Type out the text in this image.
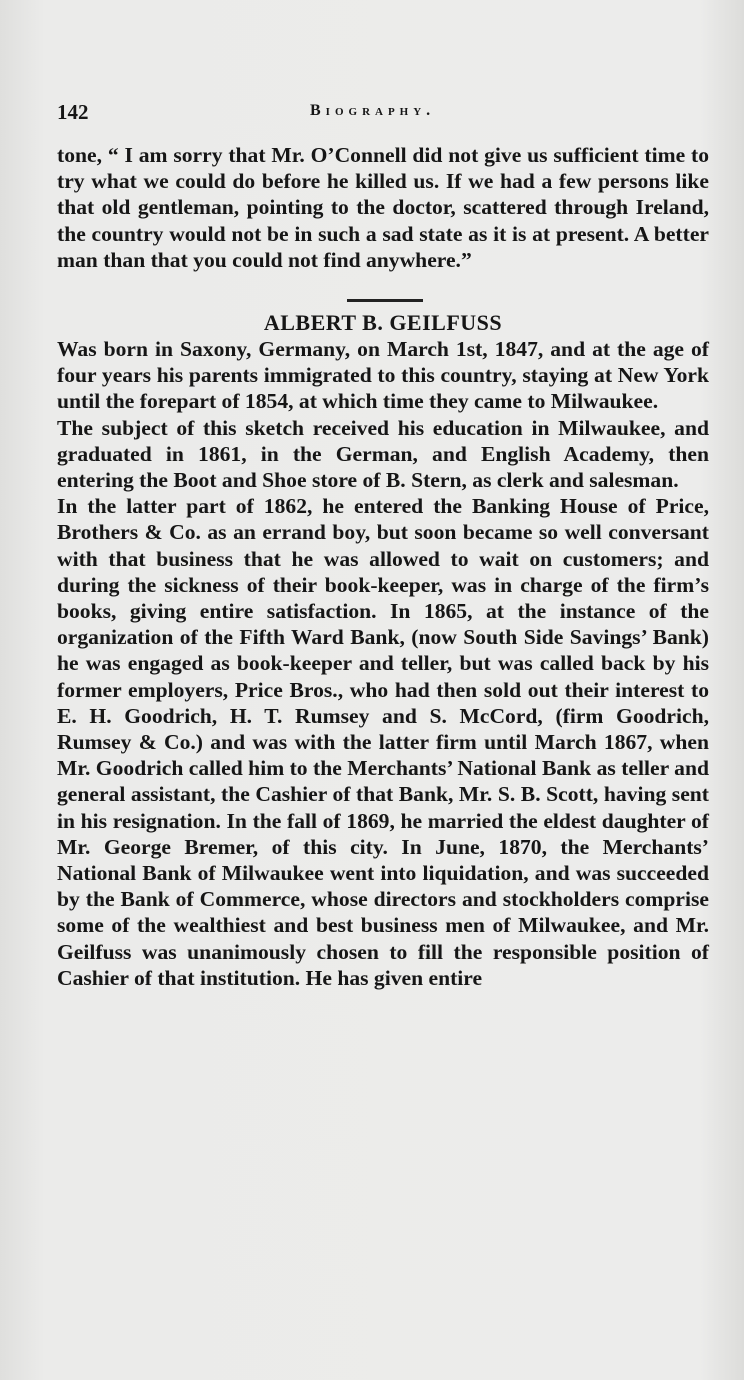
142	Biography.

tone, “ I am sorry that Mr. O’Connell did not give us sufficient time to try what we could do before he killed us. If we had a few persons like that old gentleman, pointing to the doctor, scattered through Ireland, the country would not be in such a sad state as it is at present. A better man than that you could not find anywhere.”

ALBERT B. GEILFUSS

Was born in Saxony, Germany, on March 1st, 1847, and at the age of four years his parents immigrated to this country, staying at New York until the forepart of 1854, at which time they came to Milwaukee.

The subject of this sketch received his education in Milwaukee, and graduated in 1861, in the German, and English Academy, then entering the Boot and Shoe store of B. Stern, as clerk and salesman.

In the latter part of 1862, he entered the Banking House of Price, Brothers & Co. as an errand boy, but soon became so well conversant with that business that he was allowed to wait on customers; and during the sickness of their book-keeper, was in charge of the firm’s books, giving entire satisfaction. In 1865, at the instance of the organization of the Fifth Ward Bank, (now South Side Savings’ Bank) he was engaged as book-keeper and teller, but was called back by his former employers, Price Bros., who had then sold out their interest to E. H. Goodrich, H. T. Rumsey and S. McCord, (firm Goodrich, Rumsey & Co.) and was with the latter firm until March 1867, when Mr. Goodrich called him to the Merchants’ National Bank as teller and general assistant, the Cashier of that Bank, Mr. S. B. Scott, having sent in his resignation. In the fall of 1869, he married the eldest daughter of Mr. George Bremer, of this city. In June, 1870, the Merchants’ National Bank of Milwaukee went into liquidation, and was succeeded by the Bank of Commerce, whose directors and stockholders comprise some of the wealthiest and best business men of Milwaukee, and Mr. Geilfuss was unanimously chosen to fill the responsible position of Cashier of that institution. He has given entire
